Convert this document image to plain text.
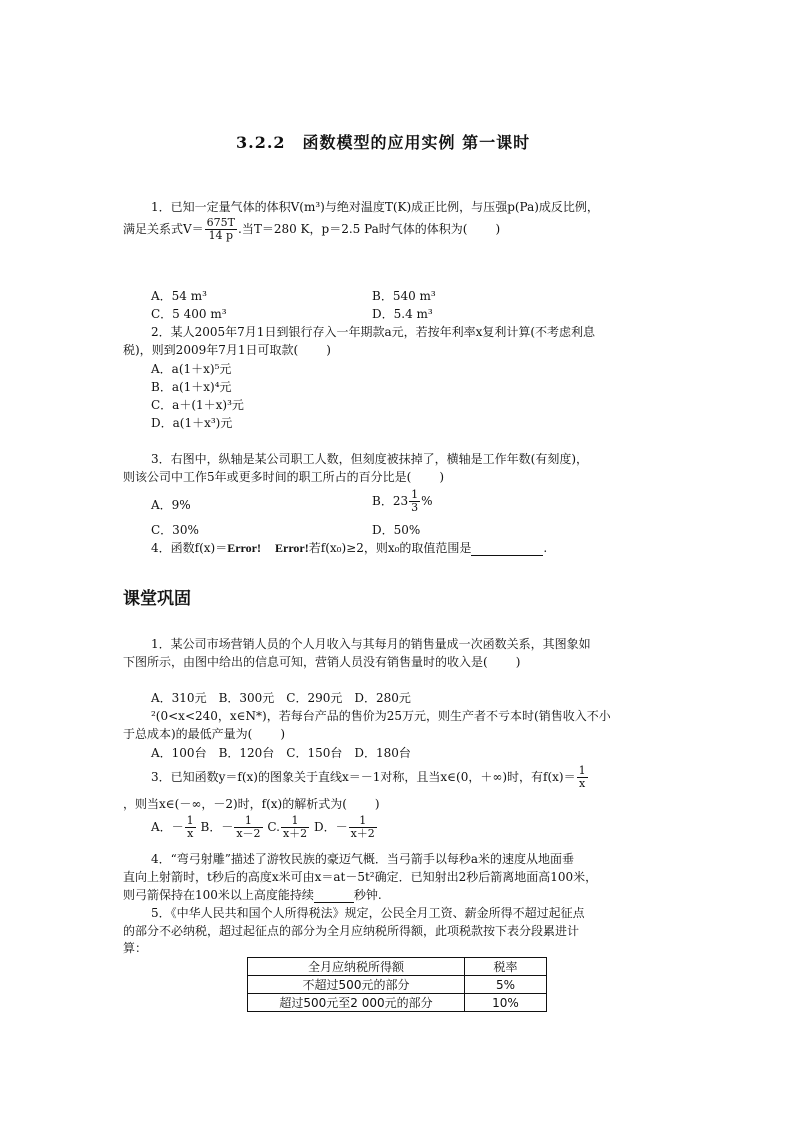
3.2.2　函数模型的应用实例 第一课时
1．已知一定量气体的体积V(m³)与绝对温度T(K)成正比例，与压强p(Pa)成反比例，
满足关系式$V= \frac{675T}{14 p}$ .当T＝280 K，p＝2.5 Pa时气体的体积为( )
A．54 m³	B．540 m³
C．5 400 m³	D．5.4 m³
2．某人2005年7月1日到银行存入一年期款a元，若按年利率x复利计算(不考虑利息
税)，则到2009年7月1日可取款( )
A．a(1＋x)⁵元
B．a(1＋x)⁴元
C．a＋(1＋x)³元
D．a(1＋x³)元
3．右图中，纵轴是某公司职工人数，但刻度被抹掉了，横轴是工作年数(有刻度)，
则该公司中工作5年或更多时间的职工所占的百分比是( )
A．9%	B．$23 \frac{1}{3}$ %
C．30%	D．50%
4．函数f(x)＝Error! Error!若f(x₀)≥2，则x₀的取值范围是	.
课堂巩固
1．某公司市场营销人员的个人月收入与其每月的销售量成一次函数关系，其图象如
下图所示，由图中给出的信息可知，营销人员没有销售量时的收入是( )
A．310元　B．300元　C．290元　D．280元
²(0<x<240，x∈N*)，若每台产品的售价为25万元，则生产者不亏本时(销售收入不小
于总成本)的最低产量为( )
A．100台　B．120台　C．150台　D．180台
3．已知函数y＝f(x)的图象关于直线x＝－1对称，且当x∈(0，＋∞)时，有$f(x)= \frac{1}{x}$
，则当x∈(－∞，－2)时，f(x)的解析式为( )
A．－ $\frac{1}{x}$ B．－ $\frac{1}{x-2} C$. $\frac{1}{x+2}$ D．－ $\frac{1}{x+2}$
4．“弯弓射雕”描述了游牧民族的豪迈气概．当弓箭手以每秒a米的速度从地面垂
直向上射箭时，t秒后的高度x米可由x＝at－5t²确定．已知射出2秒后箭离地面高100米，
则弓箭保持在100米以上高度能持续	秒钟.
5．《中华人民共和国个人所得税法》规定，公民全月工资、薪金所得不超过起征点
的部分不必纳税，超过起征点的部分为全月应纳税所得额，此项税款按下表分段累进计
算：
全月应纳税所得额	税率
不超过500元的部分	5%
超过500元至2 000元的部分	10%
